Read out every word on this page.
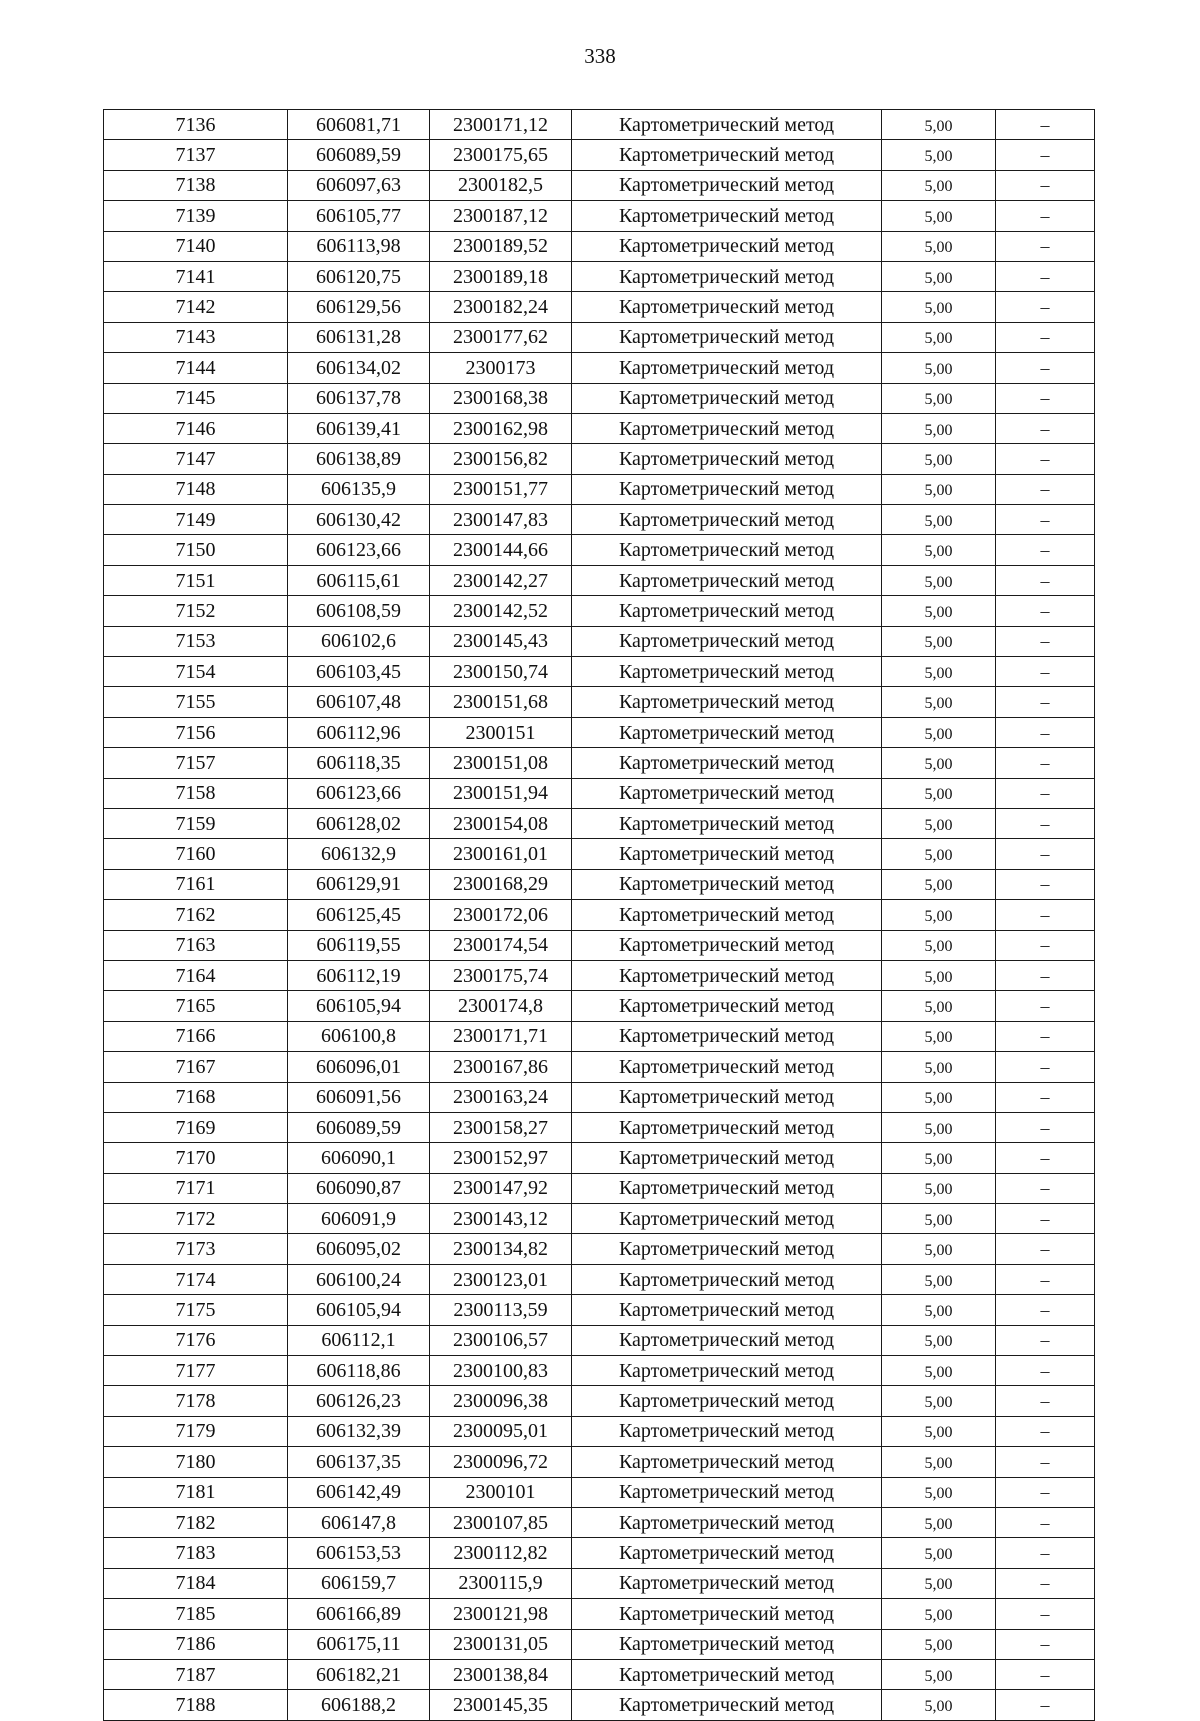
338
7136	606081,71	2300171,12	Картометрический метод	5,00	–
7137	606089,59	2300175,65	Картометрический метод	5,00	–
7138	606097,63	2300182,5	Картометрический метод	5,00	–
7139	606105,77	2300187,12	Картометрический метод	5,00	–
7140	606113,98	2300189,52	Картометрический метод	5,00	–
7141	606120,75	2300189,18	Картометрический метод	5,00	–
7142	606129,56	2300182,24	Картометрический метод	5,00	–
7143	606131,28	2300177,62	Картометрический метод	5,00	–
7144	606134,02	2300173	Картометрический метод	5,00	–
7145	606137,78	2300168,38	Картометрический метод	5,00	–
7146	606139,41	2300162,98	Картометрический метод	5,00	–
7147	606138,89	2300156,82	Картометрический метод	5,00	–
7148	606135,9	2300151,77	Картометрический метод	5,00	–
7149	606130,42	2300147,83	Картометрический метод	5,00	–
7150	606123,66	2300144,66	Картометрический метод	5,00	–
7151	606115,61	2300142,27	Картометрический метод	5,00	–
7152	606108,59	2300142,52	Картометрический метод	5,00	–
7153	606102,6	2300145,43	Картометрический метод	5,00	–
7154	606103,45	2300150,74	Картометрический метод	5,00	–
7155	606107,48	2300151,68	Картометрический метод	5,00	–
7156	606112,96	2300151	Картометрический метод	5,00	–
7157	606118,35	2300151,08	Картометрический метод	5,00	–
7158	606123,66	2300151,94	Картометрический метод	5,00	–
7159	606128,02	2300154,08	Картометрический метод	5,00	–
7160	606132,9	2300161,01	Картометрический метод	5,00	–
7161	606129,91	2300168,29	Картометрический метод	5,00	–
7162	606125,45	2300172,06	Картометрический метод	5,00	–
7163	606119,55	2300174,54	Картометрический метод	5,00	–
7164	606112,19	2300175,74	Картометрический метод	5,00	–
7165	606105,94	2300174,8	Картометрический метод	5,00	–
7166	606100,8	2300171,71	Картометрический метод	5,00	–
7167	606096,01	2300167,86	Картометрический метод	5,00	–
7168	606091,56	2300163,24	Картометрический метод	5,00	–
7169	606089,59	2300158,27	Картометрический метод	5,00	–
7170	606090,1	2300152,97	Картометрический метод	5,00	–
7171	606090,87	2300147,92	Картометрический метод	5,00	–
7172	606091,9	2300143,12	Картометрический метод	5,00	–
7173	606095,02	2300134,82	Картометрический метод	5,00	–
7174	606100,24	2300123,01	Картометрический метод	5,00	–
7175	606105,94	2300113,59	Картометрический метод	5,00	–
7176	606112,1	2300106,57	Картометрический метод	5,00	–
7177	606118,86	2300100,83	Картометрический метод	5,00	–
7178	606126,23	2300096,38	Картометрический метод	5,00	–
7179	606132,39	2300095,01	Картометрический метод	5,00	–
7180	606137,35	2300096,72	Картометрический метод	5,00	–
7181	606142,49	2300101	Картометрический метод	5,00	–
7182	606147,8	2300107,85	Картометрический метод	5,00	–
7183	606153,53	2300112,82	Картометрический метод	5,00	–
7184	606159,7	2300115,9	Картометрический метод	5,00	–
7185	606166,89	2300121,98	Картометрический метод	5,00	–
7186	606175,11	2300131,05	Картометрический метод	5,00	–
7187	606182,21	2300138,84	Картометрический метод	5,00	–
7188	606188,2	2300145,35	Картометрический метод	5,00	–
